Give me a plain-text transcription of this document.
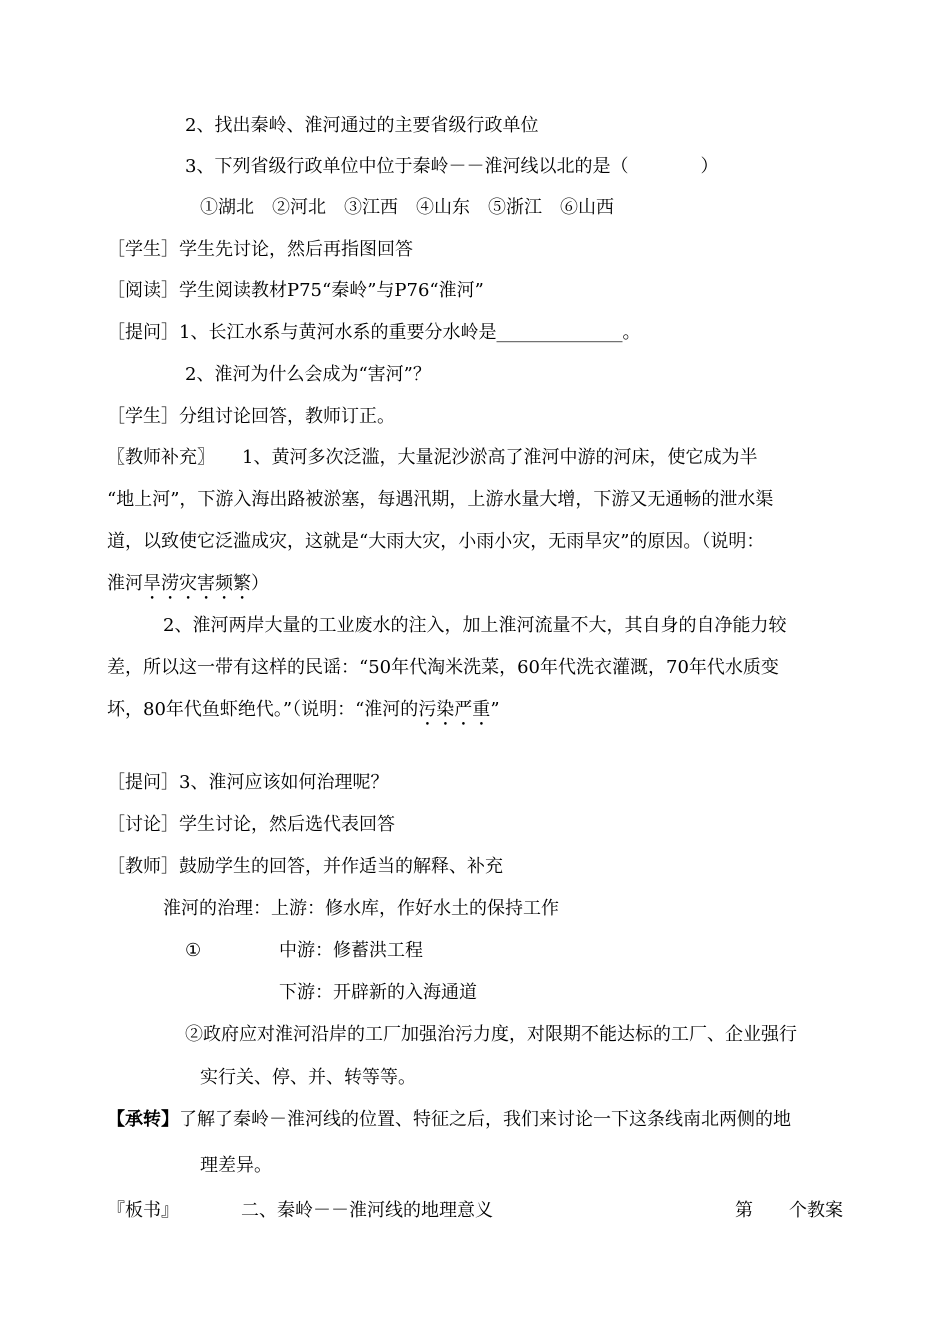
2、找出秦岭、淮河通过的主要省级行政单位
3、下列省级行政单位中位于秦岭－－淮河线以北的是（　　　　）
①湖北　②河北　③江西　④山东　⑤浙江　⑥山西
［学生］学生先讨论，然后再指图回答
［阅读］学生阅读教材P75“秦岭”与P76“淮河”
［提问］1、长江水系与黄河水系的重要分水岭是______________。
2、淮河为什么会成为“害河”？
［学生］分组讨论回答，教师订正。
〖教师补充〗　　1、黄河多次泛滥，大量泥沙淤高了淮河中游的河床，使它成为半
“地上河”，下游入海出路被淤塞，每遇汛期，上游水量大增，下游又无通畅的泄水渠
道，以致使它泛滥成灾，这就是“大雨大灾，小雨小灾，无雨旱灾”的原因。（说明：
淮河旱涝灾害频繁）
2、淮河两岸大量的工业废水的注入，加上淮河流量不大，其自身的自净能力较
差，所以这一带有这样的民谣：“50年代淘米洗菜，60年代洗衣灌溉，70年代水质变
坏，80年代鱼虾绝代。”（说明：“淮河的污染严重”
［提问］3、淮河应该如何治理呢？
［讨论］学生讨论，然后选代表回答
［教师］鼓励学生的回答，并作适当的解释、补充
淮河的治理：上游：修水库，作好水土的保持工作
①	中游：修蓄洪工程
下游：开辟新的入海通道
②政府应对淮河沿岸的工厂加强治污力度，对限期不能达标的工厂、企业强行
实行关、停、并、转等等。
【承转】了解了秦岭－淮河线的位置、特征之后，我们来讨论一下这条线南北两侧的地
理差异。
『板书』	二、秦岭－－淮河线的地理意义	第　　个教案
